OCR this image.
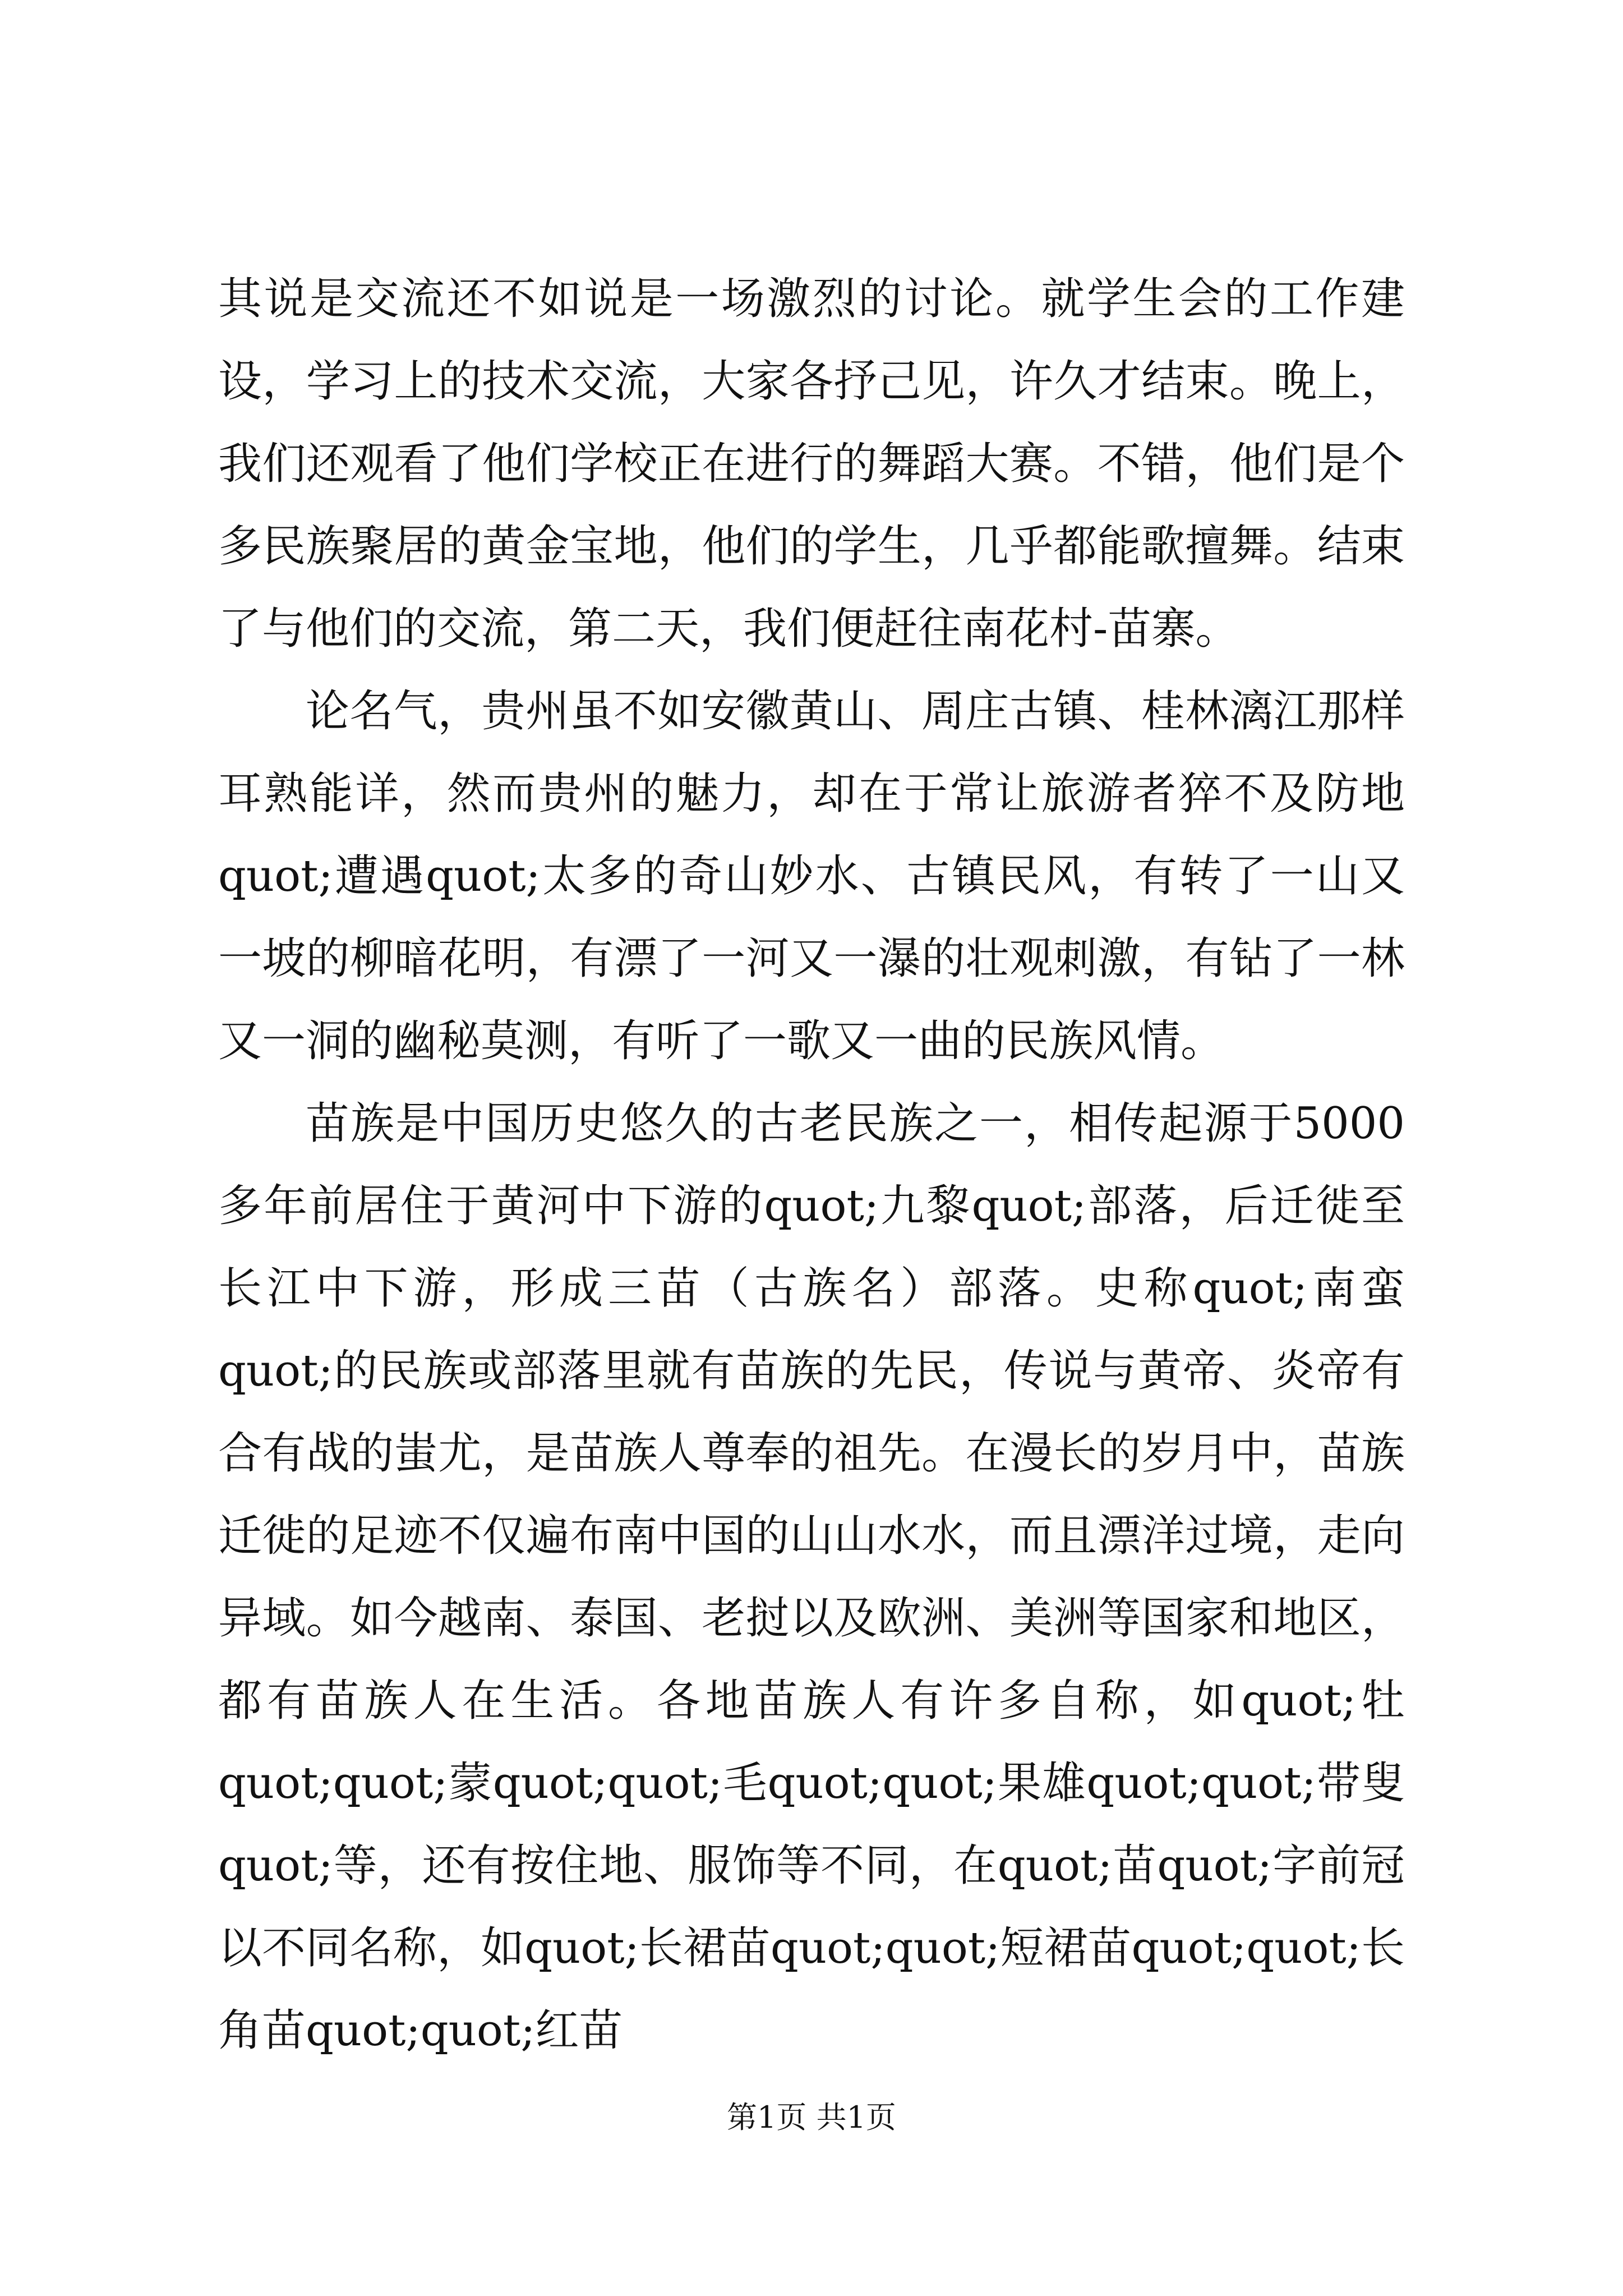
其说是交流还不如说是一场激烈的讨论。就学生会的工作建设，学习上的技术交流，大家各抒己见，许久才结束。晚上，我们还观看了他们学校正在进行的舞蹈大赛。不错，他们是个多民族聚居的黄金宝地，他们的学生，几乎都能歌擅舞。结束了与他们的交流，第二天，我们便赶往南花村-苗寨。

论名气，贵州虽不如安徽黄山、周庄古镇、桂林漓江那样耳熟能详，然而贵州的魅力，却在于常让旅游者猝不及防地quot;遭遇quot;太多的奇山妙水、古镇民风，有转了一山又一坡的柳暗花明，有漂了一河又一瀑的壮观刺激，有钻了一林又一洞的幽秘莫测，有听了一歌又一曲的民族风情。

苗族是中国历史悠久的古老民族之一，相传起源于5000多年前居住于黄河中下游的quot;九黎quot;部落，后迁徙至长江中下游，形成三苗（古族名）部落。史称quot;南蛮quot;的民族或部落里就有苗族的先民，传说与黄帝、炎帝有合有战的蚩尤，是苗族人尊奉的祖先。在漫长的岁月中，苗族迁徙的足迹不仅遍布南中国的山山水水，而且漂洋过境，走向异域。如今越南、泰国、老挝以及欧洲、美洲等国家和地区，都有苗族人在生活。各地苗族人有许多自称，如quot;牡quot;quot;蒙quot;quot;毛quot;quot;果雄quot;quot;带叟quot;等，还有按住地、服饰等不同，在quot;苗quot;字前冠以不同名称，如quot;长裙苗quot;quot;短裙苗quot;quot;长角苗quot;quot;红苗

第1页 共1页
